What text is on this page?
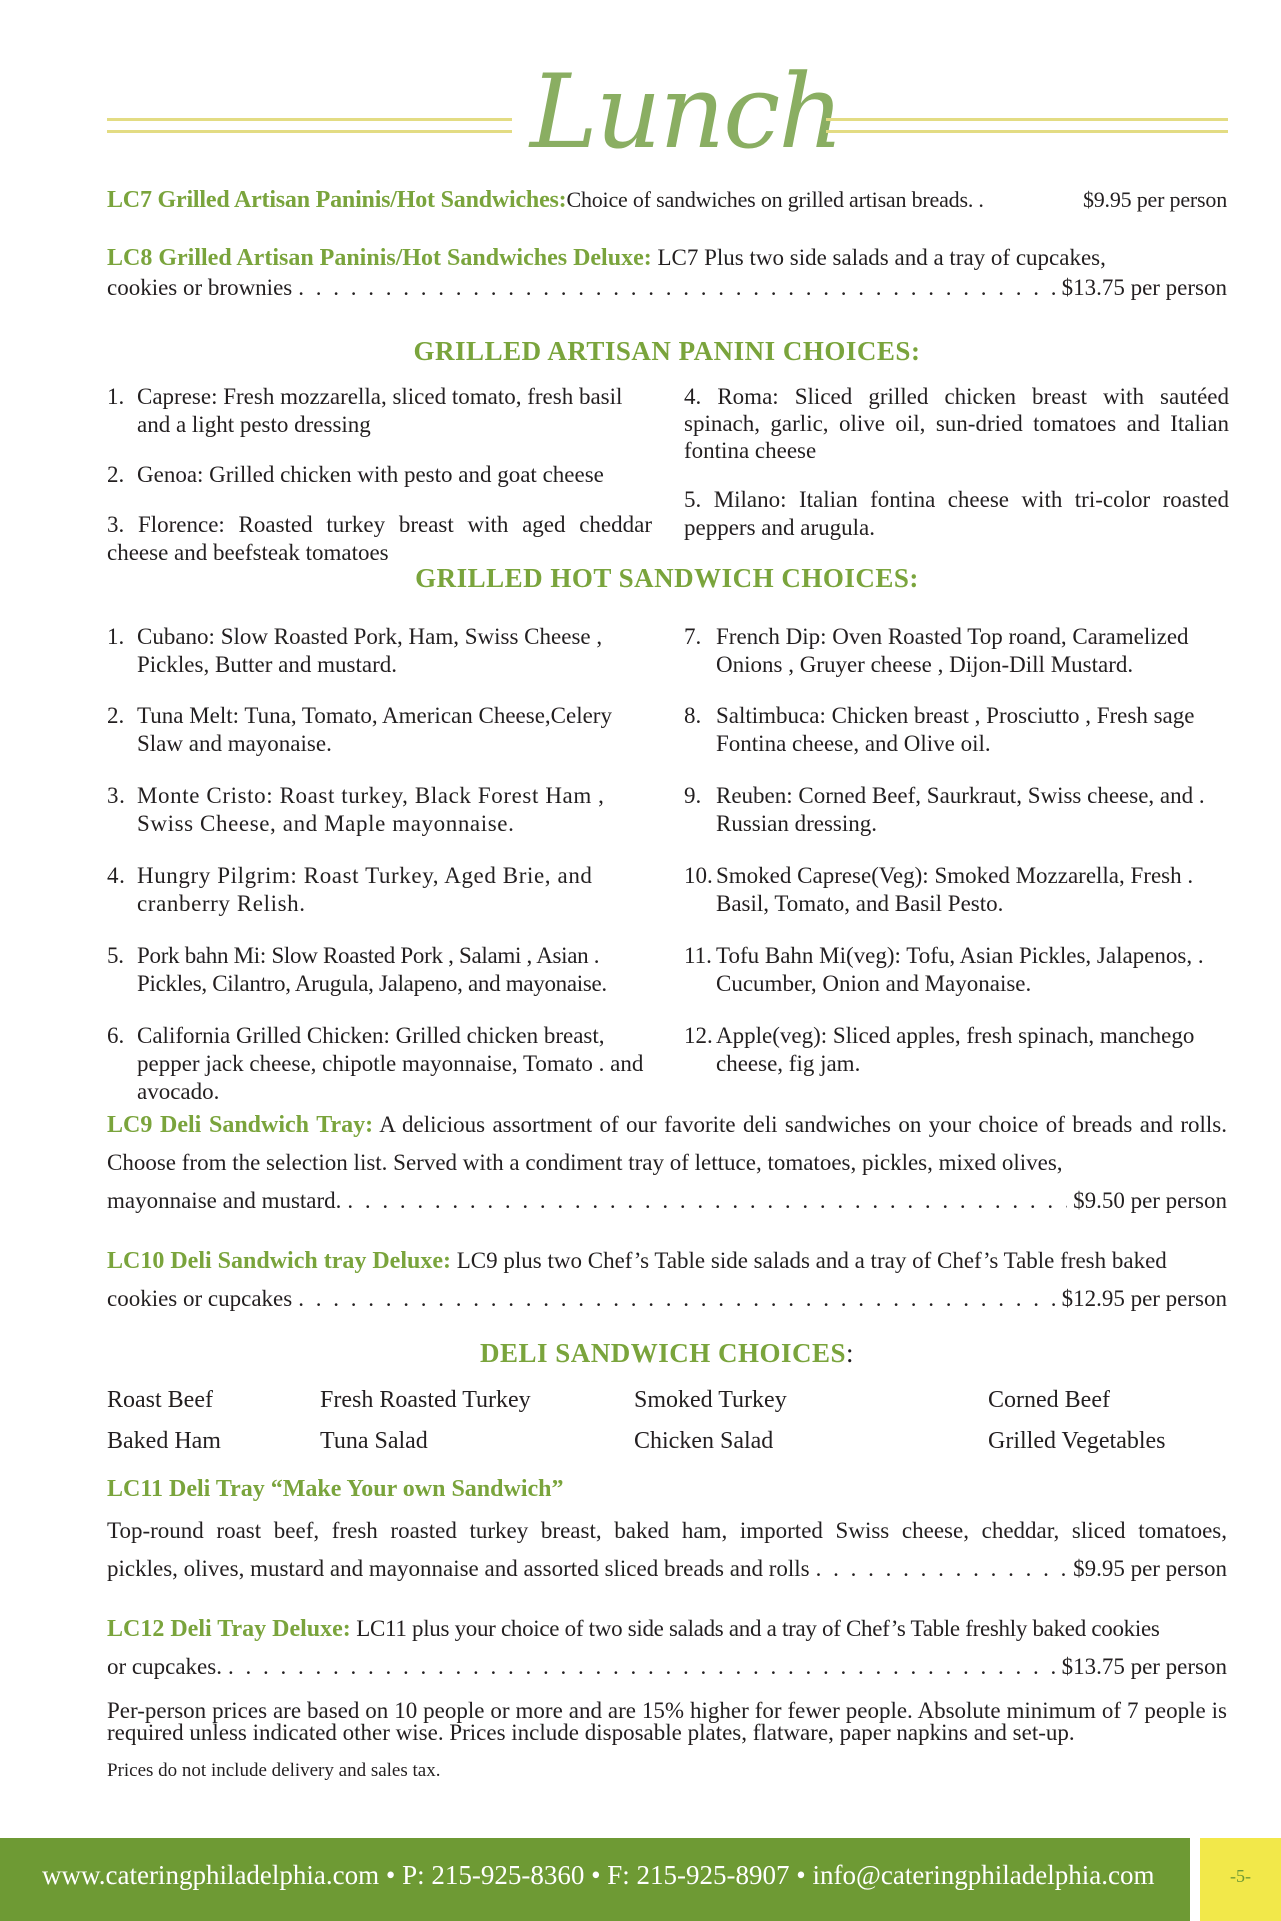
Lunch
LC7 Grilled Artisan Paninis/Hot Sandwiches: Choice of sandwiches on grilled artisan breads. .	$9.95 per person
LC8 Grilled Artisan Paninis/Hot Sandwiches Deluxe: LC7 Plus two side salads and a tray of cupcakes,
cookies or brownies . . .	$13.75 per person
GRILLED ARTISAN PANINI CHOICES:
1. Caprese: Fresh mozzarella, sliced tomato, fresh basil and a light pesto dressing
2. Genoa: Grilled chicken with pesto and goat cheese
3. Florence: Roasted turkey breast with aged cheddar cheese and beefsteak tomatoes
4. Roma: Sliced grilled chicken breast with sautéed spinach, garlic, olive oil, sun-dried tomatoes and Italian fontina cheese
5. Milano: Italian fontina cheese with tri-color roasted peppers and arugula.
GRILLED HOT SANDWICH CHOICES:
1. Cubano: Slow Roasted Pork, Ham, Swiss Cheese , Pickles, Butter and mustard.
2. Tuna Melt: Tuna, Tomato, American Cheese,Celery Slaw and mayonaise.
3. Monte Cristo: Roast turkey, Black Forest Ham , Swiss Cheese, and Maple mayonnaise.
4. Hungry Pilgrim: Roast Turkey, Aged Brie, and cranberry Relish.
5. Pork bahn Mi: Slow Roasted Pork , Salami , Asian . Pickles, Cilantro, Arugula, Jalapeno, and mayonaise.
6. California Grilled Chicken: Grilled chicken breast, pepper jack cheese, chipotle mayonnaise, Tomato . and avocado.
7. French Dip: Oven Roasted Top roand, Caramelized Onions , Gruyer cheese , Dijon-Dill Mustard.
8. Saltimbuca: Chicken breast , Prosciutto , Fresh sage Fontina cheese, and Olive oil.
9. Reuben: Corned Beef, Saurkraut, Swiss cheese, and . Russian dressing.
10. Smoked Caprese(Veg): Smoked Mozzarella, Fresh . Basil, Tomato, and Basil Pesto.
11. Tofu Bahn Mi(veg): Tofu, Asian Pickles, Jalapenos, . Cucumber, Onion and Mayonaise.
12. Apple(veg): Sliced apples, fresh spinach, manchego cheese, fig jam.
LC9 Deli Sandwich Tray: A delicious assortment of our favorite deli sandwiches on your choice of breads and rolls. Choose from the selection list. Served with a condiment tray of lettuce, tomatoes, pickles, mixed olives,
mayonnaise and mustard. . . .	$9.50 per person
LC10 Deli Sandwich tray Deluxe: LC9 plus two Chef’s Table side salads and a tray of Chef’s Table fresh baked
cookies or cupcakes . . .	$12.95 per person
DELI SANDWICH CHOICES:
Roast Beef	Fresh Roasted Turkey	Smoked Turkey	Corned Beef
Baked Ham	Tuna Salad	Chicken Salad	Grilled Vegetables
LC11 Deli Tray “Make Your own Sandwich”
Top-round roast beef, fresh roasted turkey breast, baked ham, imported Swiss cheese, cheddar, sliced tomatoes,
pickles, olives, mustard and mayonnaise and assorted sliced breads and rolls . . .	$9.95 per person
LC12 Deli Tray Deluxe: LC11 plus your choice of two side salads and a tray of Chef’s Table freshly baked cookies
or cupcakes. . . .	$13.75 per person
Per-person prices are based on 10 people or more and are 15% higher for fewer people. Absolute minimum of 7 people is required unless indicated other wise. Prices include disposable plates, flatware, paper napkins and set-up.
Prices do not include delivery and sales tax.
www.cateringphiladelphia.com • P: 215-925-8360 • F: 215-925-8907 • info@cateringphiladelphia.com	-5-
